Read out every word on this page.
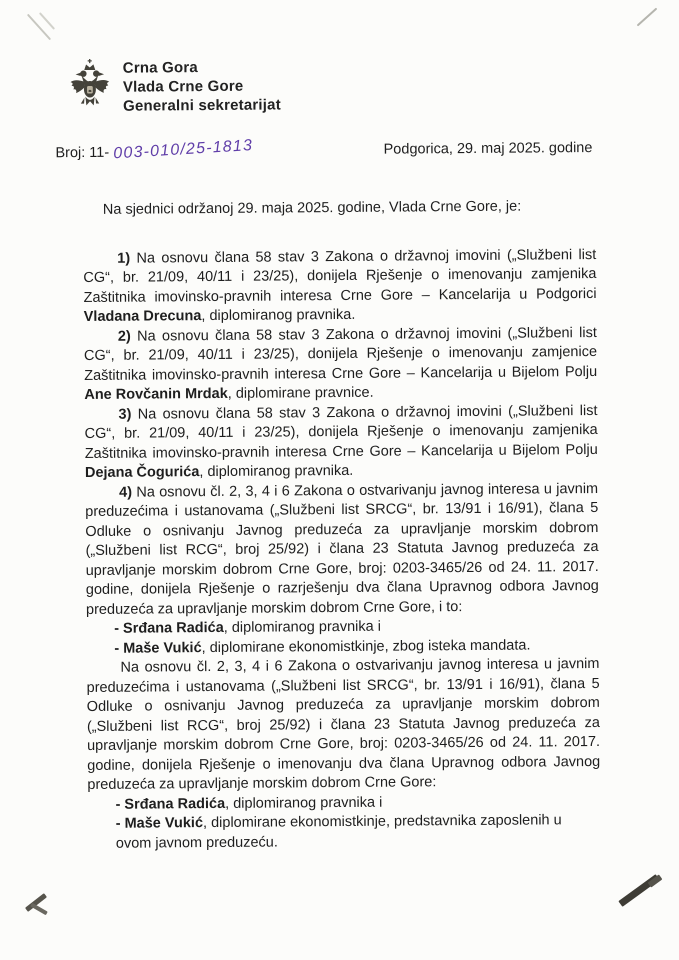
Crna Gora
Vlada Crne Gore
Generalni sekretarijat
Broj: 11- 003-010/25-1813	Podgorica, 29. maj 2025. godine

Na sjednici održanoj 29. maja 2025. godine, Vlada Crne Gore, je:

1) Na osnovu člana 58 stav 3 Zakona o državnoj imovini („Službeni list CG“, br. 21/09, 40/11 i 23/25), donijela Rješenje o imenovanju zamjenika Zaštitnika imovinsko-pravnih interesa Crne Gore – Kancelarija u Podgorici Vladana Drecuna, diplomiranog pravnika.

2) Na osnovu člana 58 stav 3 Zakona o državnoj imovini („Službeni list CG“, br. 21/09, 40/11 i 23/25), donijela Rješenje o imenovanju zamjenice Zaštitnika imovinsko-pravnih interesa Crne Gore – Kancelarija u Bijelom Polju Ane Rovčanin Mrdak, diplomirane pravnice.

3) Na osnovu člana 58 stav 3 Zakona o državnoj imovini („Službeni list CG“, br. 21/09, 40/11 i 23/25), donijela Rješenje o imenovanju zamjenika Zaštitnika imovinsko-pravnih interesa Crne Gore – Kancelarija u Bijelom Polju Dejana Čogurića, diplomiranog pravnika.

4) Na osnovu čl. 2, 3, 4 i 6 Zakona o ostvarivanju javnog interesa u javnim preduzećima i ustanovama („Službeni list SRCG“, br. 13/91 i 16/91), člana 5 Odluke o osnivanju Javnog preduzeća za upravljanje morskim dobrom („Službeni list RCG“, broj 25/92) i člana 23 Statuta Javnog preduzeća za upravljanje morskim dobrom Crne Gore, broj: 0203-3465/26 od 24. 11. 2017. godine, donijela Rješenje o razrješenju dva člana Upravnog odbora Javnog preduzeća za upravljanje morskim dobrom Crne Gore, i to:

- Srđana Radića, diplomiranog pravnika i

- Maše Vukić, diplomirane ekonomistkinje, zbog isteka mandata.

Na osnovu čl. 2, 3, 4 i 6 Zakona o ostvarivanju javnog interesa u javnim preduzećima i ustanovama („Službeni list SRCG“, br. 13/91 i 16/91), člana 5 Odluke o osnivanju Javnog preduzeća za upravljanje morskim dobrom („Službeni list RCG“, broj 25/92) i člana 23 Statuta Javnog preduzeća za upravljanje morskim dobrom Crne Gore, broj: 0203-3465/26 od 24. 11. 2017. godine, donijela Rješenje o imenovanju dva člana Upravnog odbora Javnog preduzeća za upravljanje morskim dobrom Crne Gore:

- Srđana Radića, diplomiranog pravnika i

- Maše Vukić, diplomirane ekonomistkinje, predstavnika zaposlenih u ovom javnom preduzeću.
